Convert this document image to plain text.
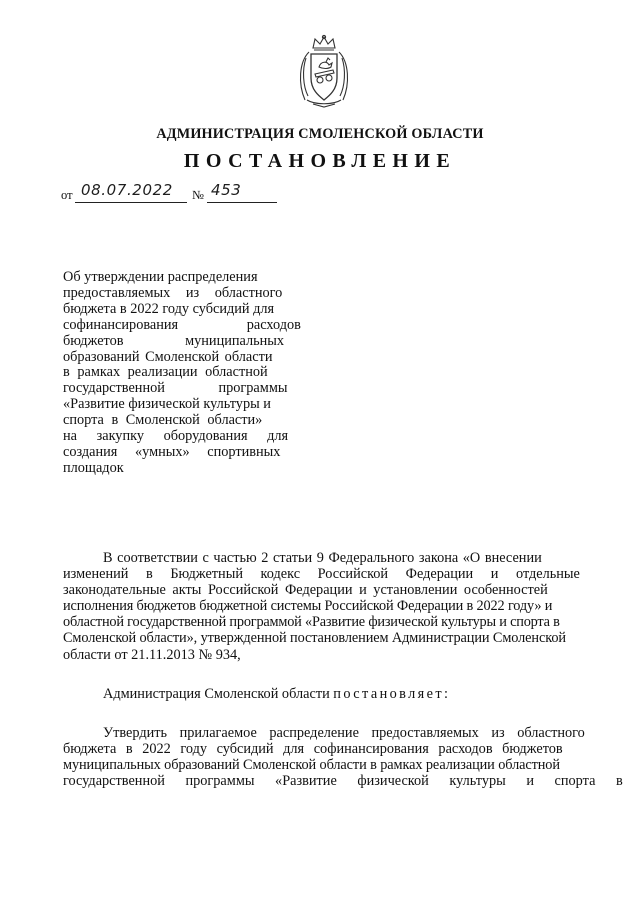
АДМИНИСТРАЦИЯ СМОЛЕНСКОЙ ОБЛАСТИ
ПОСТАНОВЛЕНИЕ
от 08.07.2022 № 453
Об утверждении распределения
предоставляемых из областного
бюджета в 2022 году субсидий для
софинансирования расходов
бюджетов муниципальных
образований Смоленской области
в рамках реализации областной
государственной программы
«Развитие физической культуры и
спорта в Смоленской области»
на закупку оборудования для
создания «умных» спортивных
площадок
В соответствии с частью 2 статьи 9 Федерального закона «О внесении
изменений в Бюджетный кодекс Российской Федерации и отдельные
законодательные акты Российской Федерации и установлении особенностей
исполнения бюджетов бюджетной системы Российской Федерации в 2022 году» и
областной государственной программой «Развитие физической культуры и спорта в
Смоленской области», утвержденной постановлением Администрации Смоленской
области от 21.11.2013 № 934,
Администрация Смоленской области постановляет:
Утвердить прилагаемое распределение предоставляемых из областного
бюджета в 2022 году субсидий для софинансирования расходов бюджетов
муниципальных образований Смоленской области в рамках реализации областной
государственной программы «Развитие физической культуры и спорта в
